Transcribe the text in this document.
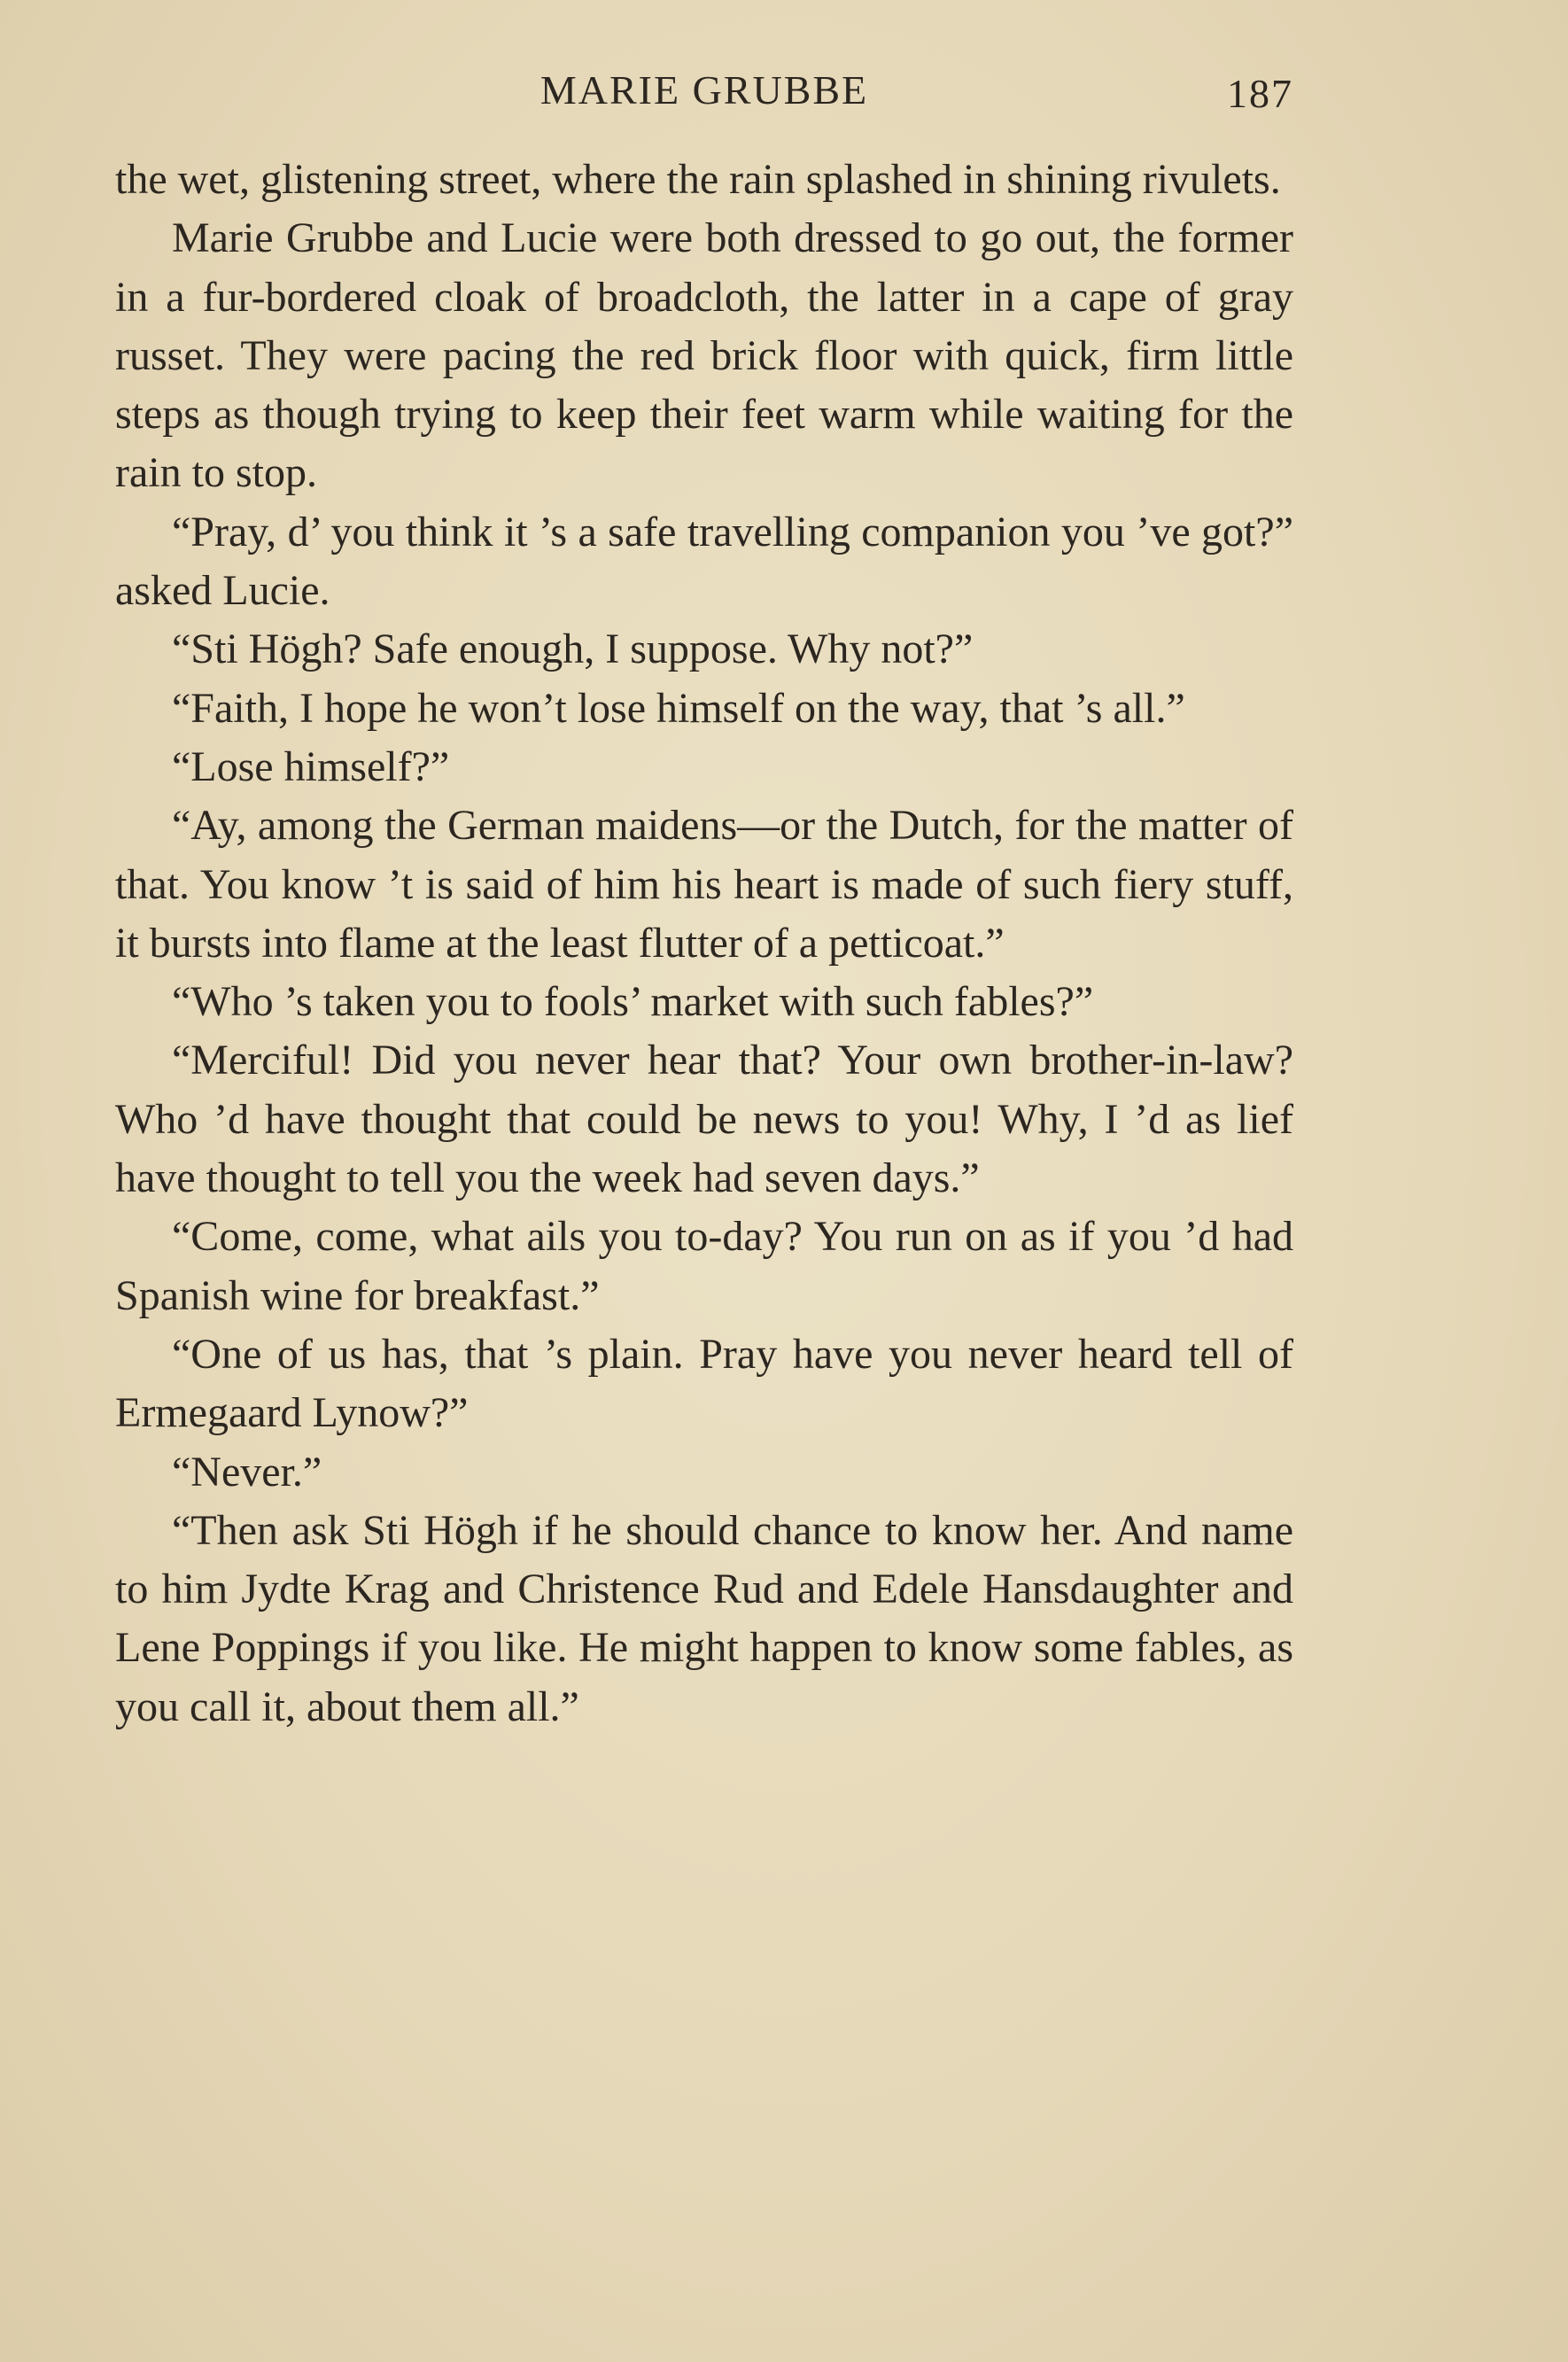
MARIE GRUBBE	187

the wet, glistening street, where the rain splashed in shining rivulets.

Marie Grubbe and Lucie were both dressed to go out, the former in a fur-bordered cloak of broadcloth, the latter in a cape of gray russet. They were pacing the red brick floor with quick, firm little steps as though trying to keep their feet warm while waiting for the rain to stop.

“Pray, d’ you think it ’s a safe travelling companion you ’ve got?” asked Lucie.

“Sti Högh? Safe enough, I suppose. Why not?”

“Faith, I hope he won’t lose himself on the way, that ’s all.”

“Lose himself?”

“Ay, among the German maidens—or the Dutch, for the matter of that. You know ’t is said of him his heart is made of such fiery stuff, it bursts into flame at the least flutter of a petticoat.”

“Who ’s taken you to fools’ market with such fables?”

“Merciful! Did you never hear that? Your own brother-in-law? Who ’d have thought that could be news to you! Why, I ’d as lief have thought to tell you the week had seven days.”

“Come, come, what ails you to-day? You run on as if you ’d had Spanish wine for breakfast.”

“One of us has, that ’s plain. Pray have you never heard tell of Ermegaard Lynow?”

“Never.”

“Then ask Sti Högh if he should chance to know her. And name to him Jydte Krag and Christence Rud and Edele Hansdaughter and Lene Poppings if you like. He might happen to know some fables, as you call it, about them all.”
